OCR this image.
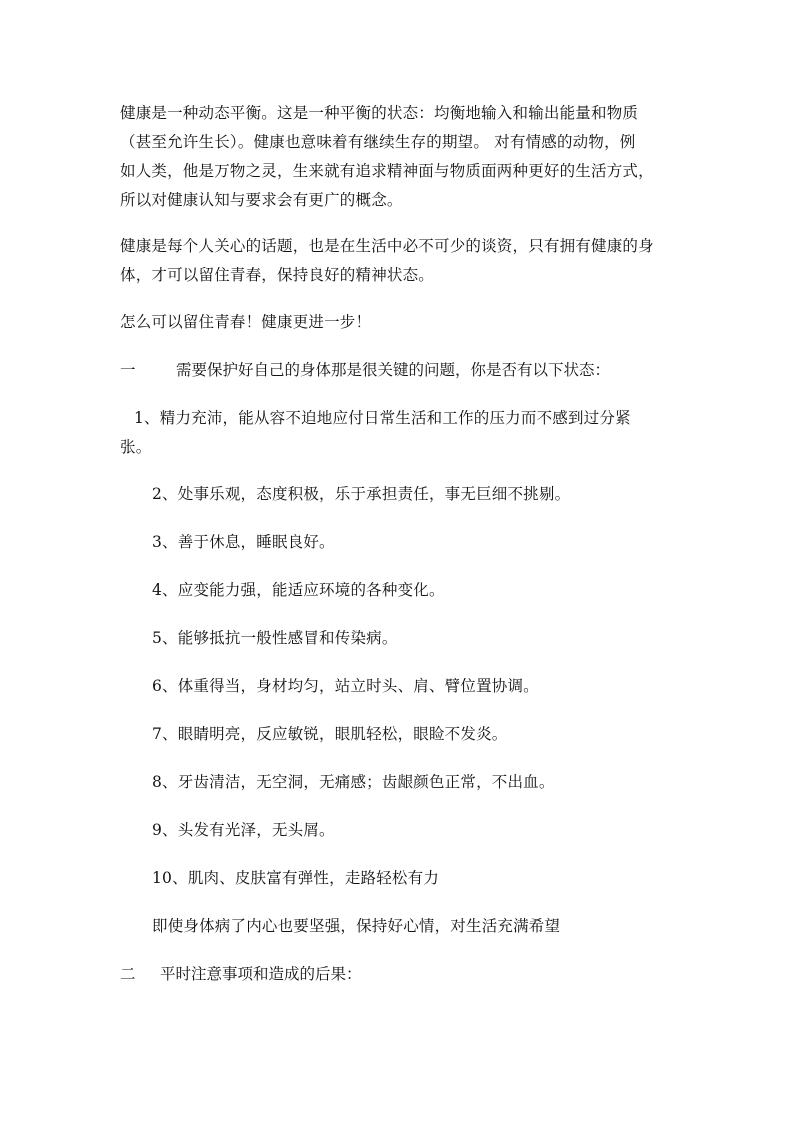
健康是一种动态平衡。这是一种平衡的状态：均衡地输入和输出能量和物质
（甚至允许生长）。健康也意味着有继续生存的期望。 对有情感的动物，例
如人类，他是万物之灵，生来就有追求精神面与物质面两种更好的生活方式，
所以对健康认知与要求会有更广的概念。

健康是每个人关心的话题，也是在生活中必不可少的谈资，只有拥有健康的身
体，才可以留住青春，保持良好的精神状态。

怎么可以留住青春！健康更进一步！

一	需要保护好自己的身体那是很关键的问题，你是否有以下状态：

1、精力充沛，能从容不迫地应付日常生活和工作的压力而不感到过分紧
张。

2、处事乐观，态度积极，乐于承担责任，事无巨细不挑剔。

3、善于休息，睡眠良好。

4、应变能力强，能适应环境的各种变化。

5、能够抵抗一般性感冒和传染病。

6、体重得当，身材均匀，站立时头、肩、臂位置协调。

7、眼睛明亮，反应敏锐，眼肌轻松，眼睑不发炎。

8、牙齿清洁，无空洞，无痛感；齿龈颜色正常，不出血。

9、头发有光泽，无头屑。

10、肌肉、皮肤富有弹性，走路轻松有力

即使身体病了内心也要坚强，保持好心情，对生活充满希望

二 平时注意事项和造成的后果：
